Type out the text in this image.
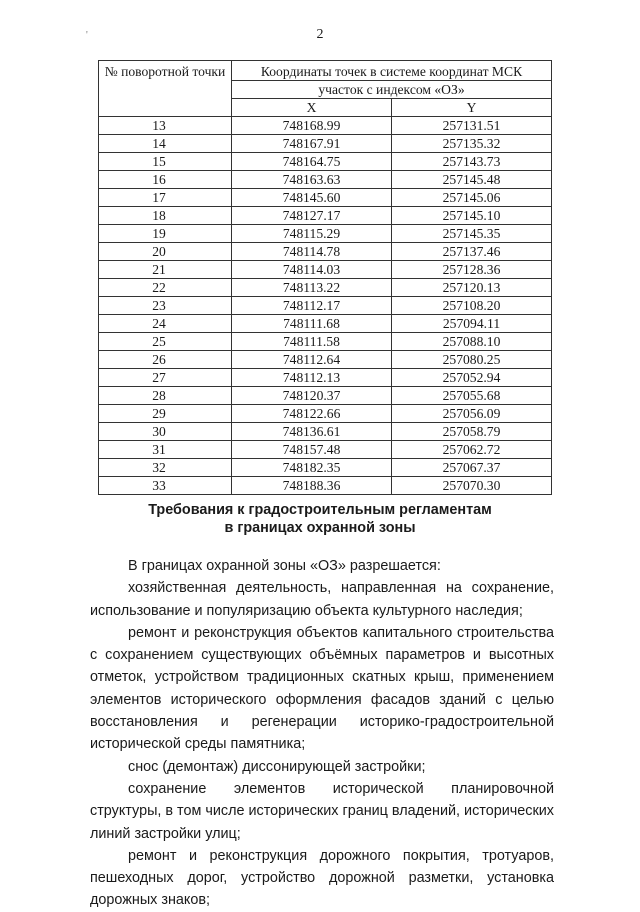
2
'
№ поворотной точки	Координаты точек в системе координат МСК	
	участок с индексом «ОЗ»	
	X	Y
13	748168.99	257131.51
14	748167.91	257135.32
15	748164.75	257143.73
16	748163.63	257145.48
17	748145.60	257145.06
18	748127.17	257145.10
19	748115.29	257145.35
20	748114.78	257137.46
21	748114.03	257128.36
22	748113.22	257120.13
23	748112.17	257108.20
24	748111.68	257094.11
25	748111.58	257088.10
26	748112.64	257080.25
27	748112.13	257052.94
28	748120.37	257055.68
29	748122.66	257056.09
30	748136.61	257058.79
31	748157.48	257062.72
32	748182.35	257067.37
33	748188.36	257070.30
Требования к градостроительным регламентам
в границах охранной зоны

В границах охранной зоны «ОЗ» разрешается:

хозяйственная деятельность, направленная на сохранение, использование и популяризацию объекта культурного наследия;

ремонт и реконструкция объектов капитального строительства с сохранением существующих объёмных параметров и высотных отметок, устройством традиционных скатных крыш, применением элементов исторического оформления фасадов зданий с целью восстановления и регенерации историко-градостроительной исторической среды памятника;

снос (демонтаж) диссонирующей застройки;

сохранение элементов исторической планировочной структуры, в том числе исторических границ владений, исторических линий застройки улиц;

ремонт и реконструкция дорожного покрытия, тротуаров, пешеходных дорог, устройство дорожной разметки, установка дорожных знаков;
